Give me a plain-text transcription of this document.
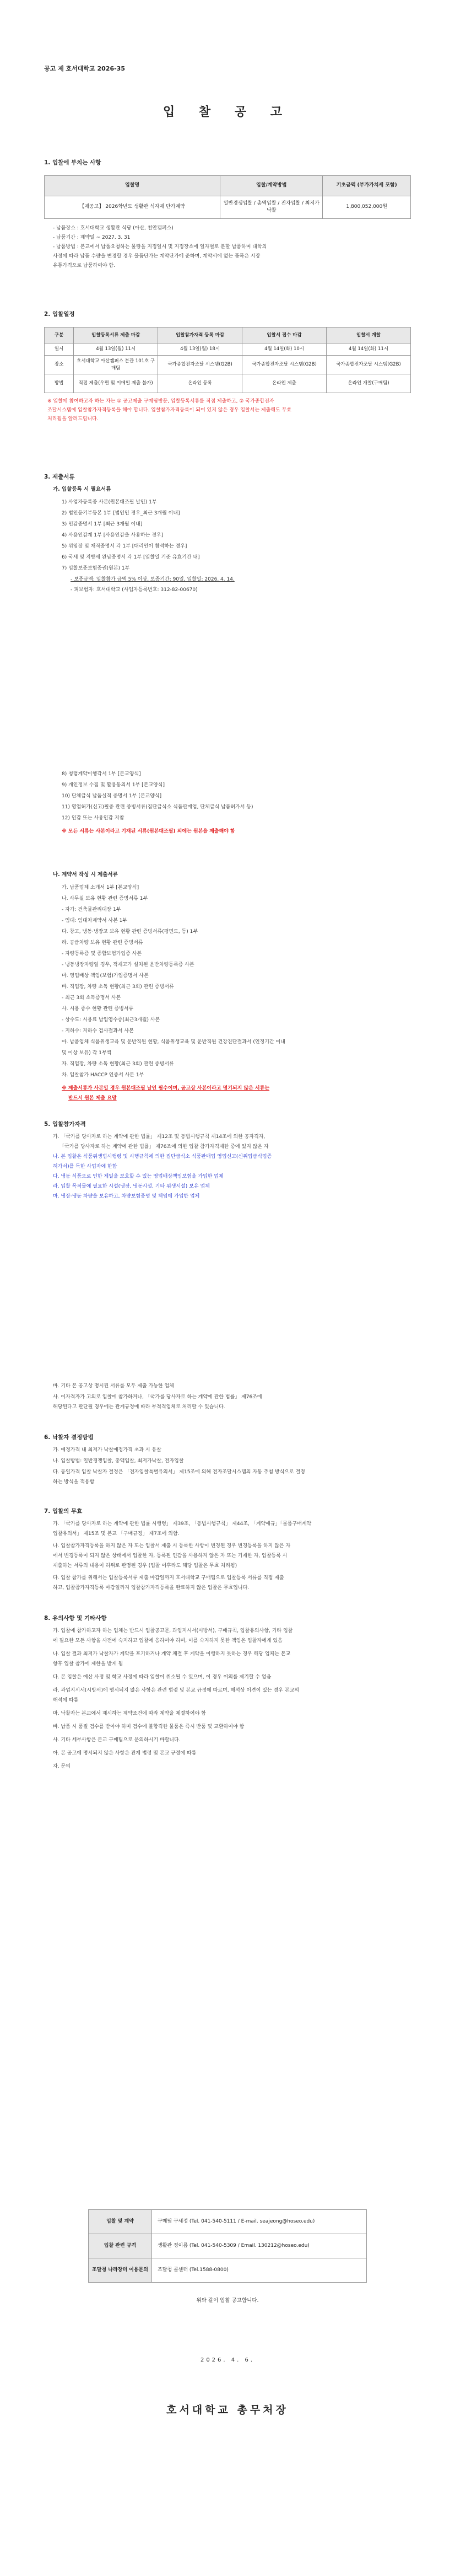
공고 제 호서대학교 2026-35
입 찰 공 고
1. 입찰에 부치는 사항
입찰명	입찰/계약방법	기초금액 (부가가치세 포함)
【재공고】 2026학년도 생활관 식자재 단가계약	일반경쟁입찰 / 총액입찰 / 전자입찰 / 최저가낙찰	1,800,052,000원
- 납품장소 : 호서대학교 생활관 식당 (아산, 천안캠퍼스)
- 납품기간 : 계약일 ~ 2027. 3. 31
- 납품방법 : 본교에서 납품요청하는 물량을 지정일시 및 지정장소에 일자별로 분할 납품하며 대학의
사정에 따라 납품 수량을 변경할 경우 물품단가는 계약단가에 준하며, 계약서에 없는 품목은 시장
유통가격으로 납품하여야 함.
2. 입찰일정
구분	입찰등록서류 제출 마감	입찰참가자격 등록 마감	입찰서 접수 마감	입찰서 개찰
일시	4월 13일(월) 11시	4월 13일(월) 18시	4월 14일(화) 10시	4월 14일(화) 11시
장소	호서대학교 아산캠퍼스 본관 101호 구매팀	국가종합전자조달 시스템(G2B)	국가종합전자조달 시스템(G2B)	국가종합전자조달 시스템(G2B)
방법	직접 제출(우편 및 이메일 제출 불가)	온라인 등록	온라인 제출	온라인 개찰(구매팀)
※ 입찰에 참여하고자 하는 자는 ① 공고제출 구매팀방문, 입찰등록서류를 직접 제출하고, ② 국가종합전자
조달시스템에 입찰참가자격등록을 해야 합니다. 입찰참가자격등록이 되어 있지 않은 경우 입찰서는 제출해도 무효
처리됨을 알려드립니다.
3. 제출서류
가. 입찰등록 시 필요서류
1) 사업자등록증 사본(원본대조필 날인) 1부
2) 법인등기부등본 1부 [법인인 경우_최근 3개월 이내]
3) 인감증명서 1부 [최근 3개월 이내]
4) 사용인감계 1부 [사용인감을 사용하는 경우]
5) 위임장 및 재직증명서 각 1부 [대리인이 참석하는 경우]
6) 국세 및 지방세 완납증명서 각 1부 [입찰일 기준 유효기간 내]
7) 입찰보증보험증권(원본) 1부
- 보증금액: 입찰참가 금액 5% 이상, 보증기간: 90일, 입찰일: 2026. 4. 14.
- 피보험자: 호서대학교 (사업자등록번호: 312-82-00670)
8) 청렴계약이행각서 1부 [본교양식]
9) 개인정보 수집 및 활용동의서 1부 [본교양식]
10) 단체급식 납품실적 증명서 1부 [본교양식]
11) 영업허가(신고)필증 관련 증빙서류(집단급식소 식품판매업, 단체급식 납품허가서 등)
12) 인감 또는 사용인감 지참
※ 모든 서류는 사본이라고 기재된 서류(원본대조필) 외에는 원본을 제출해야 함
나. 계약서 작성 시 제출서류
가. 납품업체 소개서 1부 [본교양식]
나. 사무실 보유 현황 관련 증빙서류 1부
- 자가: 건축물관리대장 1부
- 임대: 임대차계약서 사본 1부
다. 창고, 냉동·냉장고 보유 현황 관련 증빙서류(평면도, 등) 1부
라. 공급차량 보유 현황 관련 증빙서류
- 자량등록증 및 종합보험가입증 사본
- 냉동냉장자량일 경우, 적재고가 설치된 운반차량등록증 사본
마. 영업배상 책임(보험)가입증명서 사본
바. 직업장, 차량 소독 현황(최근 3회) 관련 증빙서류
- 최근 3회 소독증명서 사본
사. 시용 종수 현황 관련 증빙서류
- 상수도: 시용료 납입영수증(최근3개월) 사본
- 지하수: 지하수 검사결과서 사본
아. 납품업체 식품위생교육 및 운반직원 현황, 식품위생교육 및 운반직원 건강진단결과서 (인정기간 이내
및 이상 보유) 각 1부씩
자. 직업장, 차량 소독 현황(최근 3회) 관련 증빙서류
차. 입찰참가 HACCP 인증서 사본 1부
※ 제출서류가 사본일 경우 원본대조필 날인 필수이며, 공고상 사본이라고 명기되지 않은 서류는
반드시 원본 제출 요망
5. 입찰참가자격
가. 「국가를 당사자로 하는 계약에 관한 법률」 제12조 및 동법시행규칙 제14조에 의한 공자격자,
「국가를 당사자로 하는 계약에 관한 법률」 제76조에 의한 입찰 참가자격제한 중에 있지 않은 자
나. 본 입찰은 식품위생법시행령 및 시행규칙에 의한 집단급식소 식품판매업 영업신고(신위업급식업종
허가서)를 득한 사업자에 한함
다. 냉동 식품으로 인한 제일을 보호할 수 있는 영업배상책임보험을 가입한 업체
라. 입찰 목적물에 필요한 시설(냉장, 냉동시설, 기타 위생시설) 보유 업체
마. 냉장·냉동 차량을 보유하고, 차량보험증명 및 책임에 가입한 업체
바. 기타 본 공고상 명시된 서류를 모두 제출 가능한 업체
사. 이자격자가 고의로 입찰에 참가하거나, 「국가를 당사자로 하는 계약에 관한 법률」 제76조에
해당된다고 판단될 경우에는 관계규정에 따라 부적격업체로 처리할 수 있습니다.
6. 낙찰자 결정방법
가. 예정가격 내 최저가 낙찰예정가격 초과 시 유찰
나. 입찰방법: 일반경쟁입찰, 총액입찰, 최저가낙찰, 전자입찰
다. 동일가격 입찰 낙찰자 결정은 「전자입찰특별유의서」 제15조에 의해 전자조달시스템의 자동 추첨 방식으로 결정
하는 방식을 적용함
7. 입찰의 무효
가. 「국가를 당사자로 하는 계약에 관한 법률 시행령」 제39조, 「동법시행규칙」 제44조, 「계약예규」「물품구매계약
입찰유의서」 제15조 및 본교 「구매규정」 제7조에 의함.
나. 입찰참가자격등록을 하지 않은 자 또는 입찰서 제출 시 등록한 사항이 변경된 경우 변경등록을 하지 않은 자
에서 변경등록이 되지 않은 상태에서 입찰한 자, 등록된 인감을 사용하지 않은 자 또는 기재한 자, 입찰등록 시
제출하는 서류의 내용이 허위로 판명된 경우 (입찰 이후라도 해당 입찰은 무효 처리됨)
다. 입찰 참가를 위해서는 입찰등록서류 제출 마감일까지 호서대학교 구매팀으로 입찰등록 서류를 직접 제출
하고, 입찰참가자격등록 마감일까지 입찰참가자격등록을 완료하지 않은 입찰은 무효입니다.
8. 유의사항 및 기타사항
가. 입찰에 참가하고자 하는 업체는 반드시 입찰공고문, 과업지시서(시방서), 구매규칙, 입찰유의사항, 기타 입찰
에 필요한 모든 사항을 사전에 숙지하고 입찰에 응하여야 하며, 이를 숙지하지 못한 책임은 입찰자에게 있음
나. 입찰 결과 최저가 낙찰자가 계약을 포기하거나 계약 체결 후 계약을 이행하지 못하는 경우 해당 업체는 본교
향후 입찰 참가에 제한을 받게 됨
다. 본 입찰은 예산 사정 및 학교 사정에 따라 입찰이 취소될 수 있으며, 이 경우 이의를 제기할 수 없음
라. 과업지시서(시방서)에 명시되지 않은 사항은 관련 법령 및 본교 규정에 따르며, 해석상 이견이 있는 경우 본교의
해석에 따름
마. 낙찰자는 본교에서 제시하는 계약조건에 따라 계약을 체결하여야 함
바. 납품 시 품질 검수를 받아야 하며 검수에 불합격한 물품은 즉시 반품 및 교환하여야 함
사. 기타 세부사항은 본교 구매팀으로 문의하시기 바랍니다.
아. 본 공고에 명시되지 않은 사항은 관계 법령 및 본교 규정에 따름
자. 문의
입찰 및 계약	구매팀 구세정 (Tel. 041-540-5111 / E-mail. seajeong@hoseo.edu)
입찰 관련 규격	생활관 정이름 (Tel. 041-540-5309 / Email. 130212@hoseo.edu)
조달청 나라장터 이용문의	조달청 콜센터 (Tel.1588-0800)
위와 같이 입찰 공고합니다.
2026. 4. 6.
호서대학교 총무처장
